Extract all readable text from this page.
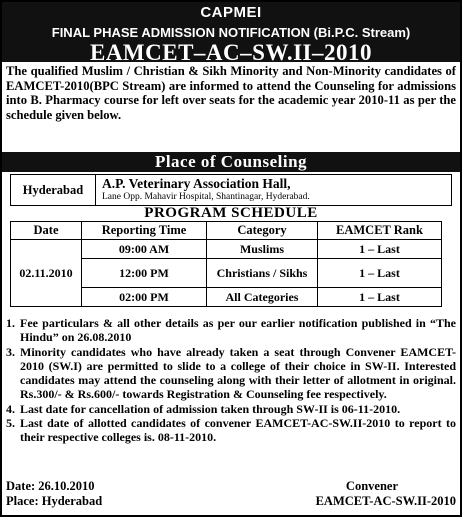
CAPMEI
FINAL PHASE ADMISSION NOTIFICATION (Bi.P.C. Stream)
EAMCET–AC–SW.II–2010
The qualified Muslim / Christian & Sikh Minority and Non-Minority candidates of EAMCET-2010(BPC Stream) are informed to attend the Counseling for admissions into B. Pharmacy course for left over seats for the academic year 2010-11 as per the schedule given below.
Place of Counseling
Hyderabad	A.P. Veterinary Association Hall,
Lane Opp. Mahavir Hospital, Shantinagar, Hyderabad.
PROGRAM SCHEDULE
Date	Reporting Time	Category	EAMCET Rank
02.11.2010	09:00 AM	Muslims	1 – Last
	12:00 PM	Christians / Sikhs	1 – Last
	02:00 PM	All Categories	1 – Last
1. Fee particulars & all other details as per our earlier notification published in “The Hindu” on 26.08.2010
3. Minority candidates who have already taken a seat through Convener EAMCET-2010 (SW.I) are permitted to slide to a college of their choice in SW-II. Interested candidates may attend the counseling along with their letter of allotment in original. Rs.300/- & Rs.600/- towards Registration & Counseling fee respectively.
4. Last date for cancellation of admission taken through SW-II is 06-11-2010.
5. Last date of allotted candidates of convener EAMCET-AC-SW.II-2010 to report to their respective colleges is. 08-11-2010.
Date: 26.10.2010	Convener
Place: Hyderabad	EAMCET-AC-SW.II-2010
